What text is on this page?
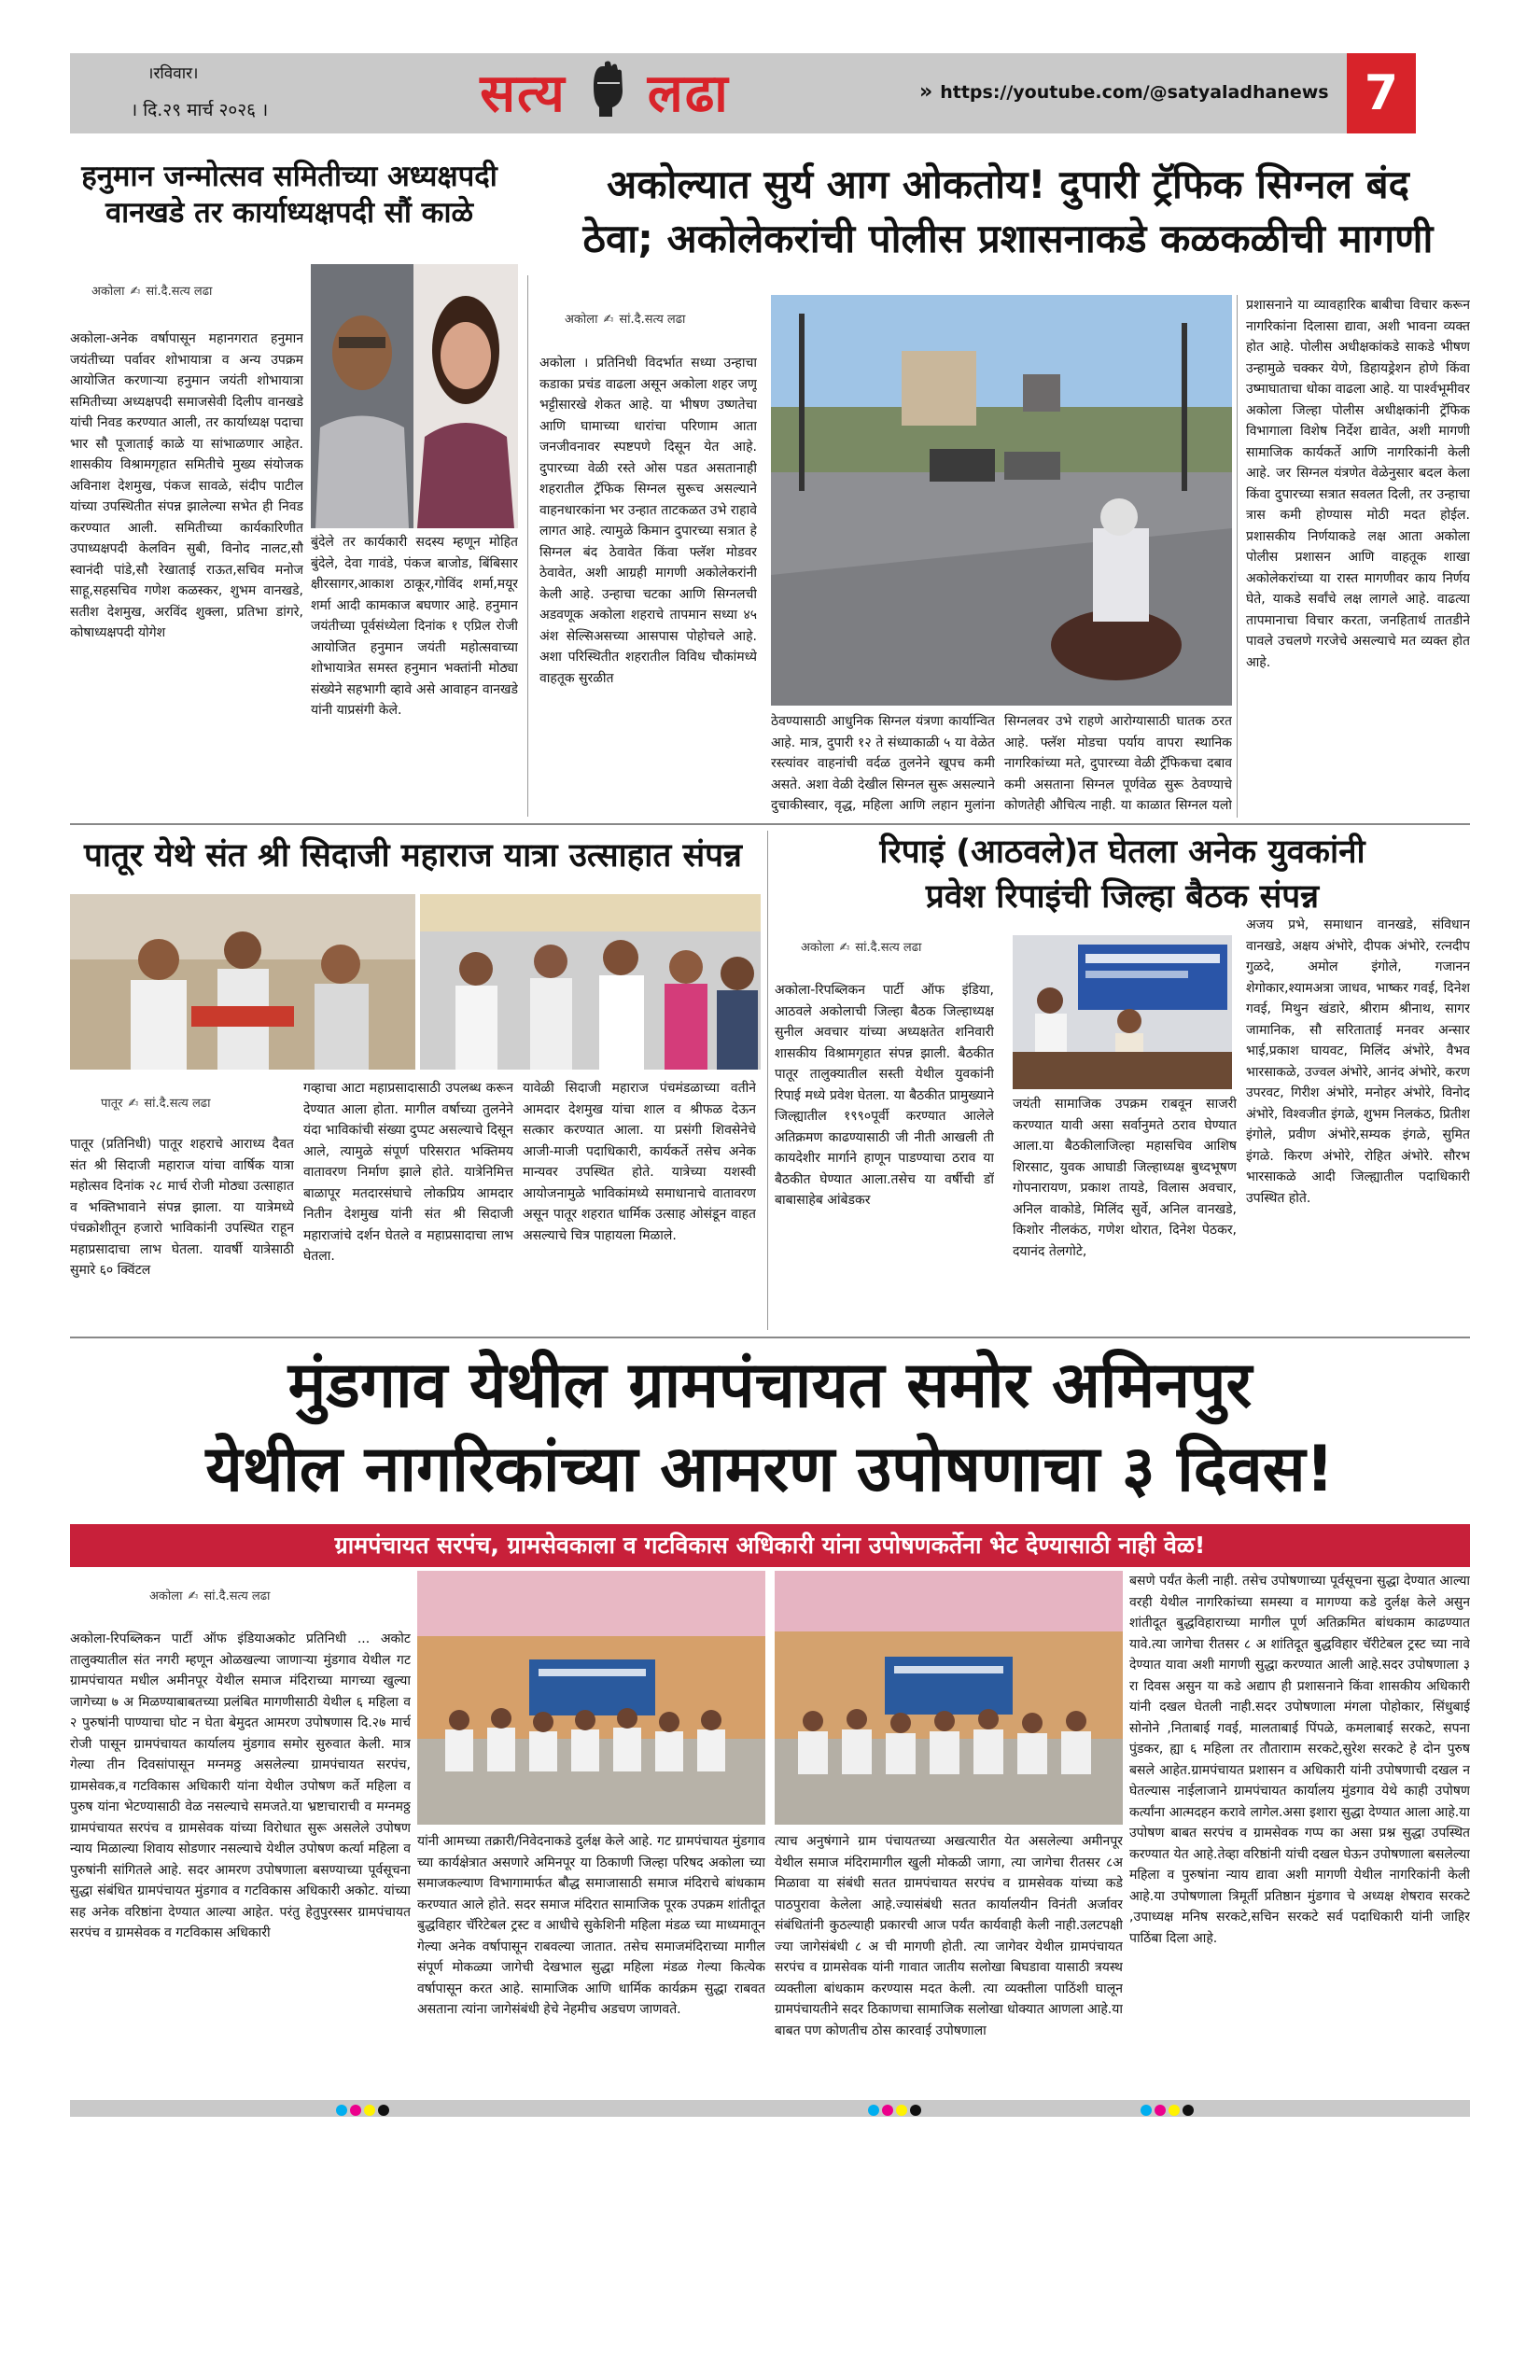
।रविवार।
। दि.२९ मार्च २०२६ ।	सत्य लढा	» https://youtube.com/@satyaladhanews 7
हनुमान जन्मोत्सव समितीच्या अध्यक्षपदी वानखडे तर कार्याध्यक्षपदी सौं काळे
अकोला ✍ सां.दै.सत्य लढा
अकोला-अनेक वर्षापासून महानगरात हनुमान जयंतीच्या पर्वावर शोभायात्रा व अन्य उपक्रम आयोजित करणाऱ्या हनुमान जयंती शोभायात्रा समितीच्या अध्यक्षपदी समाजसेवी दिलीप वानखडे यांची निवड करण्यात आली, तर कार्याध्यक्ष पदाचा भार सौ पूजाताई काळे या सांभाळणार आहेत. शासकीय विश्रामगृहात समितीचे मुख्य संयोजक अविनाश देशमुख, पंकज सावळे, संदीप पाटील यांच्या उपस्थितीत संपन्न झालेल्या सभेत ही निवड करण्यात आली. समितीच्या कार्यकारिणीत उपाध्यक्षपदी केलविन सुबी, विनोद नालट,सौ स्वानंदी पांडे,सौ रेखाताई राऊत,सचिव मनोज साहू,सहसचिव गणेश कळस्कर, शुभम वानखडे, सतीश देशमुख, अरविंद शुक्ला, प्रतिभा डांगरे, कोषाध्यक्षपदी योगेश
बुंदेले तर कार्यकारी सदस्य म्हणून मोहित बुंदेले, देवा गावंडे, पंकज बाजोड, बिंबिसार क्षीरसागर,आकाश ठाकूर,गोविंद शर्मा,मयूर शर्मा आदी कामकाज बघणार आहे. हनुमान जयंतीच्या पूर्वसंध्येला दिनांक १ एप्रिल रोजी आयोजित हनुमान जयंती महोत्सवाच्या शोभायात्रेत समस्त हनुमान भक्तांनी मोठ्या संख्येने सहभागी व्हावे असे आवाहन वानखडे यांनी याप्रसंगी केले.
अकोल्यात सुर्य आग ओकतोय! दुपारी ट्रॅफिक सिग्नल बंद
ठेवा; अकोलेकरांची पोलीस प्रशासनाकडे कळकळीची मागणी
अकोला ✍ सां.दै.सत्य लढा
अकोला । प्रतिनिधी विदर्भात सध्या उन्हाचा कडाका प्रचंड वाढला असून अकोला शहर जणू भट्टीसारखे शेकत आहे. या भीषण उष्णतेचा आणि घामाच्या धारांचा परिणाम आता जनजीवनावर स्पष्टपणे दिसून येत आहे. दुपारच्या वेळी रस्ते ओस पडत असतानाही शहरातील ट्रॅफिक सिग्नल सुरूच असल्याने वाहनधारकांना भर उन्हात ताटकळत उभे राहावे लागत आहे. त्यामुळे किमान दुपारच्या सत्रात हे सिग्नल बंद ठेवावेत किंवा फ्लॅश मोडवर ठेवावेत, अशी आग्रही मागणी अकोलेकरांनी केली आहे. उन्हाचा चटका आणि सिग्नलची अडवणूक अकोला शहराचे तापमान सध्या ४५ अंश सेल्सिअसच्या आसपास पोहोचले आहे. अशा परिस्थितीत शहरातील विविध चौकांमध्ये वाहतूक सुरळीत
ठेवण्यासाठी आधुनिक सिग्नल यंत्रणा कार्यान्वित आहे. मात्र, दुपारी १२ ते संध्याकाळी ५ या वेळेत रस्त्यांवर वाहनांची वर्दळ तुलनेने खूपच कमी असते. अशा वेळी देखील सिग्नल सुरू असल्याने दुचाकीस्वार, वृद्ध, महिला आणि लहान मुलांना
सिग्नलवर उभे राहणे आरोग्यासाठी घातक ठरत आहे. फ्लॅश मोडचा पर्याय वापरा स्थानिक नागरिकांच्या मते, दुपारच्या वेळी ट्रॅफिकचा दबाव कमी असताना सिग्नल पूर्णवेळ सुरू ठेवण्याचे कोणतेही औचित्य नाही. या काळात सिग्नल यलो
प्रशासनाने या व्यावहारिक बाबीचा विचार करून नागरिकांना दिलासा द्यावा, अशी भावना व्यक्त होत आहे. पोलीस अधीक्षकांकडे साकडे भीषण उन्हामुळे चक्कर येणे, डिहायड्रेशन होणे किंवा उष्माघाताचा धोका वाढला आहे. या पार्श्वभूमीवर अकोला जिल्हा पोलीस अधीक्षकांनी ट्रॅफिक विभागाला विशेष निर्देश द्यावेत, अशी मागणी सामाजिक कार्यकर्ते आणि नागरिकांनी केली आहे. जर सिग्नल यंत्रणेत वेळेनुसार बदल केला किंवा दुपारच्या सत्रात सवलत दिली, तर उन्हाचा त्रास कमी होण्यास मोठी मदत होईल. प्रशासकीय निर्णयाकडे लक्ष आता अकोला पोलीस प्रशासन आणि वाहतूक शाखा अकोलेकरांच्या या रास्त मागणीवर काय निर्णय घेते, याकडे सर्वांचे लक्ष लागले आहे. वाढत्या तापमानाचा विचार करता, जनहितार्थ तातडीने पावले उचलणे गरजेचे असल्याचे मत व्यक्त होत आहे.
पातूर येथे संत श्री सिदाजी महाराज यात्रा उत्साहात संपन्न
पातूर ✍ सां.दै.सत्य लढा
पातूर (प्रतिनिधी) पातूर शहराचे आराध्य दैवत संत श्री सिदाजी महाराज यांचा वार्षिक यात्रा महोत्सव दिनांक २८ मार्च रोजी मोठ्या उत्साहात व भक्तिभावाने संपन्न झाला. या यात्रेमध्ये पंचक्रोशीतून हजारो भाविकांनी उपस्थित राहून महाप्रसादाचा लाभ घेतला. यावर्षी यात्रेसाठी सुमारे ६० क्विंटल
गव्हाचा आटा महाप्रसादासाठी उपलब्ध करून देण्यात आला होता. मागील वर्षाच्या तुलनेने यंदा भाविकांची संख्या दुप्पट असल्याचे दिसून आले, त्यामुळे संपूर्ण परिसरात भक्तिमय वातावरण निर्माण झाले होते. यात्रेनिमित्त बाळापूर मतदारसंघाचे लोकप्रिय आमदार नितीन देशमुख यांनी संत श्री सिदाजी महाराजांचे दर्शन घेतले व महाप्रसादाचा लाभ घेतला.
यावेळी सिदाजी महाराज पंचमंडळाच्या वतीने आमदार देशमुख यांचा शाल व श्रीफळ देऊन सत्कार करण्यात आला. या प्रसंगी शिवसेनेचे आजी-माजी पदाधिकारी, कार्यकर्ते तसेच अनेक मान्यवर उपस्थित होते. यात्रेच्या यशस्वी आयोजनामुळे भाविकांमध्ये समाधानाचे वातावरण असून पातूर शहरात धार्मिक उत्साह ओसंडून वाहत असल्याचे चित्र पाहायला मिळाले.
रिपाइं (आठवले)त घेतला अनेक युवकांनी
प्रवेश रिपाइंची जिल्हा बैठक संपन्न
अकोला ✍ सां.दै.सत्य लढा
अकोला-रिपब्लिकन पार्टी ऑफ इंडिया, आठवले अकोलाची जिल्हा बैठक जिल्हाध्यक्ष सुनील अवचार यांच्या अध्यक्षतेत शनिवारी शासकीय विश्रामगृहात संपन्न झाली. बैठकीत पातूर तालुक्यातील सस्ती येथील युवकांनी रिपाई मध्ये प्रवेश घेतला. या बैठकीत प्रामुख्याने जिल्ह्यातील १९९०पूर्वी करण्यात आलेले अतिक्रमण काढण्यासाठी जी नीती आखली ती कायदेशीर मार्गाने हाणून पाडण्याचा ठराव या बैठकीत घेण्यात आला.तसेच या वर्षीची डॉ बाबासाहेब आंबेडकर
जयंती सामाजिक उपक्रम राबवून साजरी करण्यात यावी असा सर्वानुमते ठराव घेण्यात आला.या बैठकीलाजिल्हा महासचिव आशिष शिरसाट, युवक आघाडी जिल्हाध्यक्ष बुध्दभूषण गोपनारायण, प्रकाश तायडे, विलास अवचार, अनिल वाकोडे, मिलिंद सुर्वे, अनिल वानखडे, किशोर नीलकंठ, गणेश थोरात, दिनेश पेठकर, दयानंद तेलगोटे,
अजय प्रभे, समाधान वानखडे, संविधान वानखडे, अक्षय अंभोरे, दीपक अंभोरे, रत्नदीप गुळदे, अमोल इंगोले, गजानन शेगोकार,श्यामअत्रा जाधव, भाष्कर गवई, दिनेश गवई, मिथुन खंडारे, श्रीराम श्रीनाथ, सागर जामानिक, सौ सरिताताई मनवर अन्सार भाई,प्रकाश घायवट, मिलिंद अंभोरे, वैभव भारसाकळे, उज्वल अंभोरे, आनंद अंभोरे, करण उपरवट, गिरीश अंभोरे, मनोहर अंभोरे, विनोद अंभोरे, विश्वजीत इंगळे, शुभम निलकंठ, प्रितीश इंगोले, प्रवीण अंभोरे,सम्यक इंगळे, सुमित इंगळे. किरण अंभोरे, रोहित अंभोरे. सौरभ भारसाकळे आदी जिल्ह्यातील पदाधिकारी उपस्थित होते.
मुंडगाव येथील ग्रामपंचायत समोर अमिनपुर
येथील नागरिकांच्या आमरण उपोषणाचा ३ दिवस!
ग्रामपंचायत सरपंच, ग्रामसेवकाला व गटविकास अधिकारी यांना उपोषणकर्तेना भेट देण्यासाठी नाही वेळ!
अकोला ✍ सां.दै.सत्य लढा
अकोला-रिपब्लिकन पार्टी ऑफ इंडियाअकोट प्रतिनिधी ... अकोट तालुक्यातील संत नगरी म्हणून ओळखल्या जाणाऱ्या मुंडगाव येथील गट ग्रामपंचायत मधील अमीनपूर येथील समाज मंदिराच्या मागच्या खुल्या जागेच्या ७ अ मिळण्याबाबतच्या प्रलंबित मागणीसाठी येथील ६ महिला व २ पुरुषांनी पाण्याचा घोट न घेता बेमुदत आमरण उपोषणास दि.२७ मार्च रोजी पासून ग्रामपंचायत कार्यालय मुंडगाव समोर सुरुवात केली. मात्र गेल्या तीन दिवसांपासून मग्नमठ्ठ असलेल्या ग्रामपंचायत सरपंच, ग्रामसेवक,व गटविकास अधिकारी यांना येथील उपोषण कर्ते महिला व पुरुष यांना भेटण्यासाठी वेळ नसल्याचे समजते.या भ्रष्टाचाराची व मग्नमठ्ठ ग्रामपंचायत सरपंच व ग्रामसेवक यांच्या विरोधात सुरू असलेले उपोषण न्याय मिळाल्या शिवाय सोडणार नसल्याचे येथील उपोषण कर्त्या महिला व पुरुषांनी सांगितले आहे. सदर आमरण उपोषणाला बसण्याच्या पूर्वसूचना सुद्धा संबंधित ग्रामपंचायत मुंडगाव व गटविकास अधिकारी अकोट. यांच्या सह अनेक वरिष्ठांना देण्यात आल्या आहेत. परंतु हेतुपुरस्सर ग्रामपंचायत सरपंच व ग्रामसेवक व गटविकास अधिकारी
यांनी आमच्या तक्रारी/निवेदनाकडे दुर्लक्ष केले आहे. गट ग्रामपंचायत मुंडगाव च्या कार्यक्षेत्रात असणारे अमिनपूर या ठिकाणी जिल्हा परिषद अकोला च्या समाजकल्याण विभागामार्फत बौद्ध समाजासाठी समाज मंदिराचे बांधकाम करण्यात आले होते. सदर समाज मंदिरात सामाजिक पूरक उपक्रम शांतीदूत बुद्धविहार चॅरिटेबल ट्रस्ट व आधीचे सुकेशिनी महिला मंडळ च्या माध्यमातून गेल्या अनेक वर्षापासून राबवल्या जातात. तसेच समाजमंदिराच्या मागील संपूर्ण मोकळ्या जागेची देखभाल सुद्धा महिला मंडळ गेल्या कित्येक वर्षापासून करत आहे. सामाजिक आणि धार्मिक कार्यक्रम सुद्धा राबवत असताना त्यांना जागेसंबंधी हेचे नेहमीच अडचण जाणवते.
त्याच अनुषंगाने ग्राम पंचायतच्या अखत्यारीत येत असलेल्या अमीनपूर येथील समाज मंदिरामागील खुली मोकळी जागा, त्या जागेचा रीतसर ८अ मिळावा या संबंधी सतत ग्रामपंचायत सरपंच व ग्रामसेवक यांच्या कडे पाठपुरावा केलेला आहे.ज्यासंबंधी सतत कार्यालयीन विनंती अर्जावर संबंधितांनी कुठल्याही प्रकारची आज पर्यंत कार्यवाही केली नाही.उलटपक्षी ज्या जागेसंबंधी ८ अ ची मागणी होती. त्या जागेवर येथील ग्रामपंचायत सरपंच व ग्रामसेवक यांनी गावात जातीय सलोखा बिघडावा यासाठी त्रयस्थ व्यक्तीला बांधकाम करण्यास मदत केली. त्या व्यक्तीला पाठिंशी घालून ग्रामपंचायतीने सदर ठिकाणचा सामाजिक सलोखा धोक्यात आणला आहे.या बाबत पण कोणतीच ठोस कारवाई उपोषणाला
बसणे पर्यंत केली नाही. तसेच उपोषणाच्या पूर्वसूचना सुद्धा देण्यात आल्या वरही येथील नागरिकांच्या समस्या व मागण्या कडे दुर्लक्ष केले असुन शांतीदूत बुद्धविहाराच्या मागील पूर्ण अतिक्रमित बांधकाम काढण्यात यावे.त्या जागेचा रीतसर ८ अ शांतिदूत बुद्धविहार चॅरीटेबल ट्रस्ट च्या नावे देण्यात यावा अशी मागणी सुद्धा करण्यात आली आहे.सदर उपोषणाला ३ रा दिवस असुन या कडे अद्याप ही प्रशासनाने किंवा शासकीय अधिकारी यांनी दखल घेतली नाही.सदर उपोषणाला मंगला पोहोकार, सिंधुबाई सोनोने ,निताबाई गवई, मालताबाई पिंपळे, कमलाबाई सरकटे, सपना पुंडकर, ह्या ६ महिला तर तौतारााम सरकटे,सुरेश सरकटे हे दोन पुरुष बसले आहेत.ग्रामपंचायत प्रशासन व अधिकारी यांनी उपोषणाची दखल न घेतल्यास नाईलाजाने ग्रामपंचायत कार्यालय मुंडगाव येथे काही उपोषण कर्त्यांना आत्मदहन करावे लागेल.असा इशारा सुद्धा देण्यात आला आहे.या उपोषण बाबत सरपंच व ग्रामसेवक गप्प का असा प्रश्न सुद्धा उपस्थित करण्यात येत आहे.तेव्हा वरिष्ठांनी यांची दखल घेऊन उपोषणाला बसलेल्या महिला व पुरुषांना न्याय द्यावा अशी मागणी येथील नागरिकांनी केली आहे.या उपोषणाला त्रिमूर्ती प्रतिष्ठान मुंडगाव चे अध्यक्ष शेषराव सरकटे ,उपाध्यक्ष मनिष सरकटे,सचिन सरकटे सर्व पदाधिकारी यांनी जाहिर पाठिंबा दिला आहे.
